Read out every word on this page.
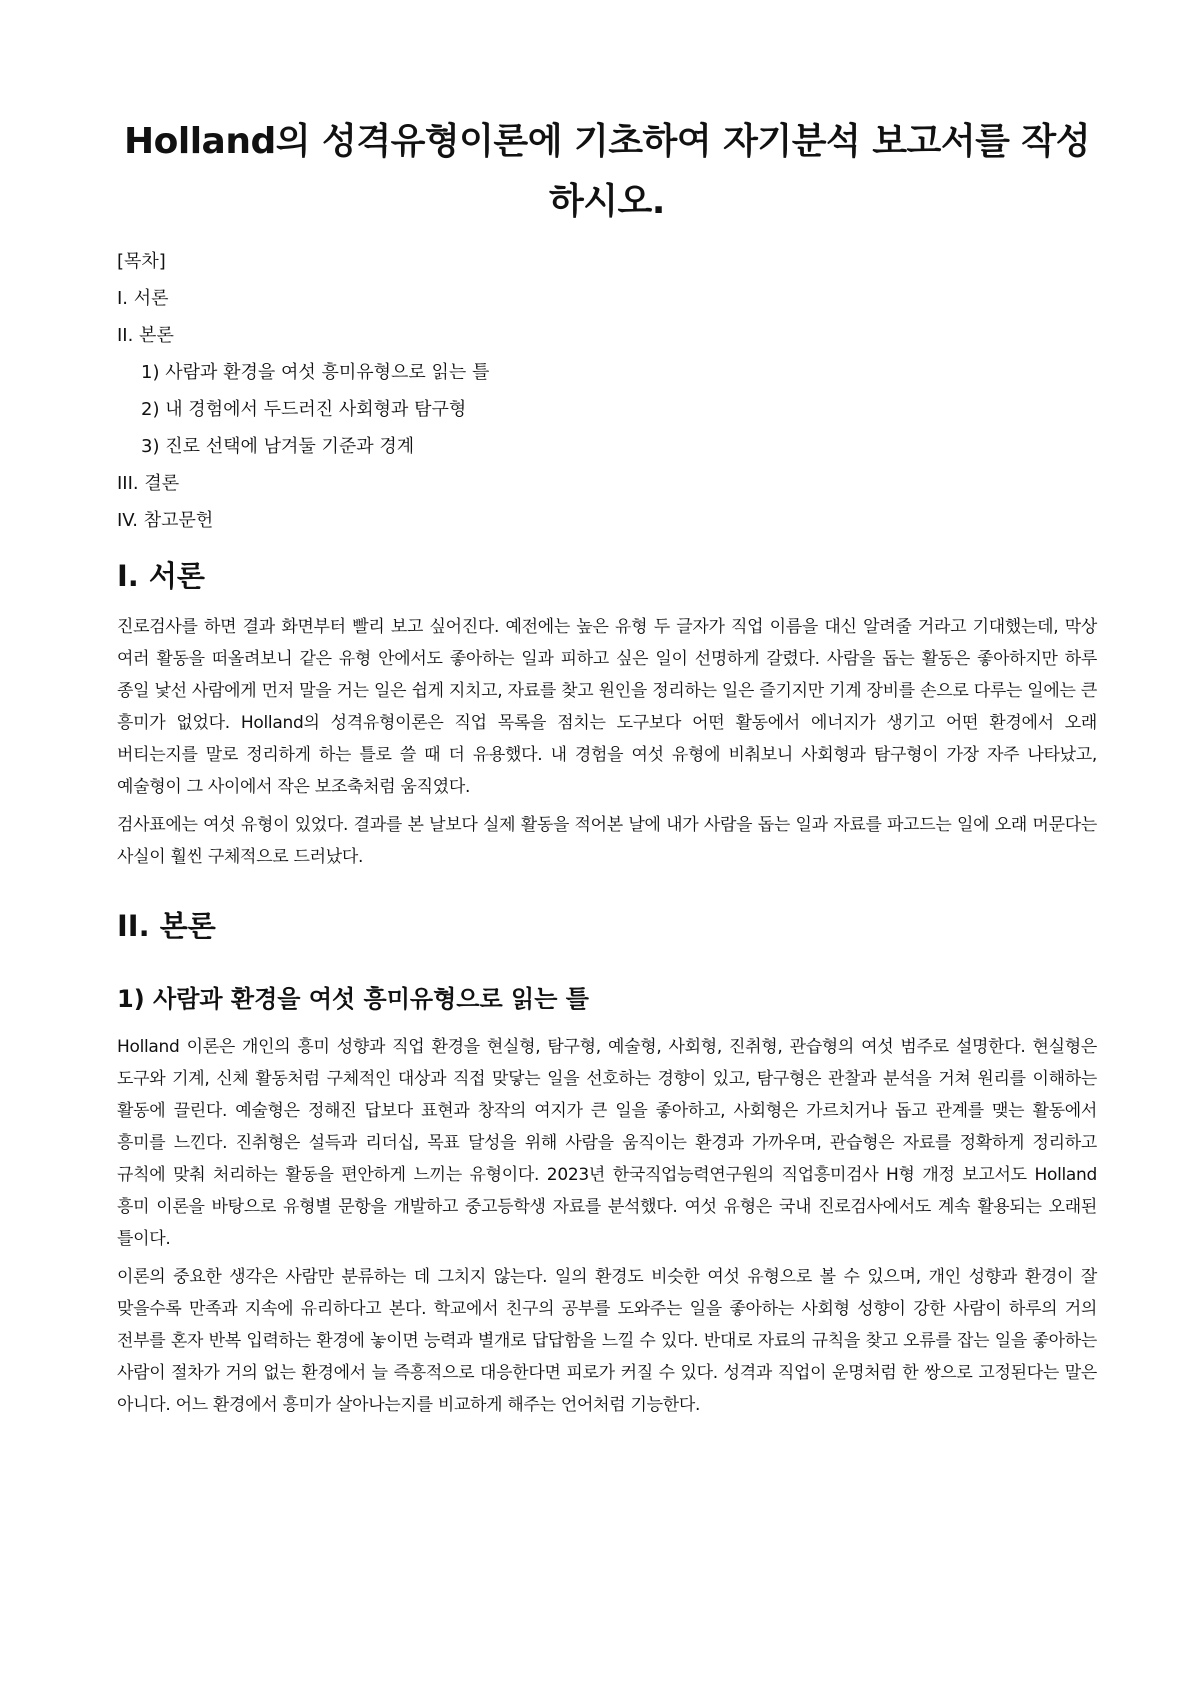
Holland의 성격유형이론에 기초하여 자기분석 보고서를 작성하시오.
[목차]
I. 서론
II. 본론
1) 사람과 환경을 여섯 흥미유형으로 읽는 틀
2) 내 경험에서 두드러진 사회형과 탐구형
3) 진로 선택에 남겨둘 기준과 경계
III. 결론
IV. 참고문헌
I. 서론

진로검사를 하면 결과 화면부터 빨리 보고 싶어진다. 예전에는 높은 유형 두 글자가 직업 이름을 대신 알려줄 거라고 기대했는데, 막상 여러 활동을 떠올려보니 같은 유형 안에서도 좋아하는 일과 피하고 싶은 일이 선명하게 갈렸다. 사람을 돕는 활동은 좋아하지만 하루 종일 낯선 사람에게 먼저 말을 거는 일은 쉽게 지치고, 자료를 찾고 원인을 정리하는 일은 즐기지만 기계 장비를 손으로 다루는 일에는 큰 흥미가 없었다. Holland의 성격유형이론은 직업 목록을 점치는 도구보다 어떤 활동에서 에너지가 생기고 어떤 환경에서 오래 버티는지를 말로 정리하게 하는 틀로 쓸 때 더 유용했다. 내 경험을 여섯 유형에 비춰보니 사회형과 탐구형이 가장 자주 나타났고, 예술형이 그 사이에서 작은 보조축처럼 움직였다.

검사표에는 여섯 유형이 있었다. 결과를 본 날보다 실제 활동을 적어본 날에 내가 사람을 돕는 일과 자료를 파고드는 일에 오래 머문다는 사실이 훨씬 구체적으로 드러났다.

II. 본론
1) 사람과 환경을 여섯 흥미유형으로 읽는 틀

Holland 이론은 개인의 흥미 성향과 직업 환경을 현실형, 탐구형, 예술형, 사회형, 진취형, 관습형의 여섯 범주로 설명한다. 현실형은 도구와 기계, 신체 활동처럼 구체적인 대상과 직접 맞닿는 일을 선호하는 경향이 있고, 탐구형은 관찰과 분석을 거쳐 원리를 이해하는 활동에 끌린다. 예술형은 정해진 답보다 표현과 창작의 여지가 큰 일을 좋아하고, 사회형은 가르치거나 돕고 관계를 맺는 활동에서 흥미를 느낀다. 진취형은 설득과 리더십, 목표 달성을 위해 사람을 움직이는 환경과 가까우며, 관습형은 자료를 정확하게 정리하고 규칙에 맞춰 처리하는 활동을 편안하게 느끼는 유형이다. 2023년 한국직업능력연구원의 직업흥미검사 H형 개정 보고서도 Holland 흥미 이론을 바탕으로 유형별 문항을 개발하고 중고등학생 자료를 분석했다. 여섯 유형은 국내 진로검사에서도 계속 활용되는 오래된 틀이다.

이론의 중요한 생각은 사람만 분류하는 데 그치지 않는다. 일의 환경도 비슷한 여섯 유형으로 볼 수 있으며, 개인 성향과 환경이 잘 맞을수록 만족과 지속에 유리하다고 본다. 학교에서 친구의 공부를 도와주는 일을 좋아하는 사회형 성향이 강한 사람이 하루의 거의 전부를 혼자 반복 입력하는 환경에 놓이면 능력과 별개로 답답함을 느낄 수 있다. 반대로 자료의 규칙을 찾고 오류를 잡는 일을 좋아하는 사람이 절차가 거의 없는 환경에서 늘 즉흥적으로 대응한다면 피로가 커질 수 있다. 성격과 직업이 운명처럼 한 쌍으로 고정된다는 말은 아니다. 어느 환경에서 흥미가 살아나는지를 비교하게 해주는 언어처럼 기능한다.
